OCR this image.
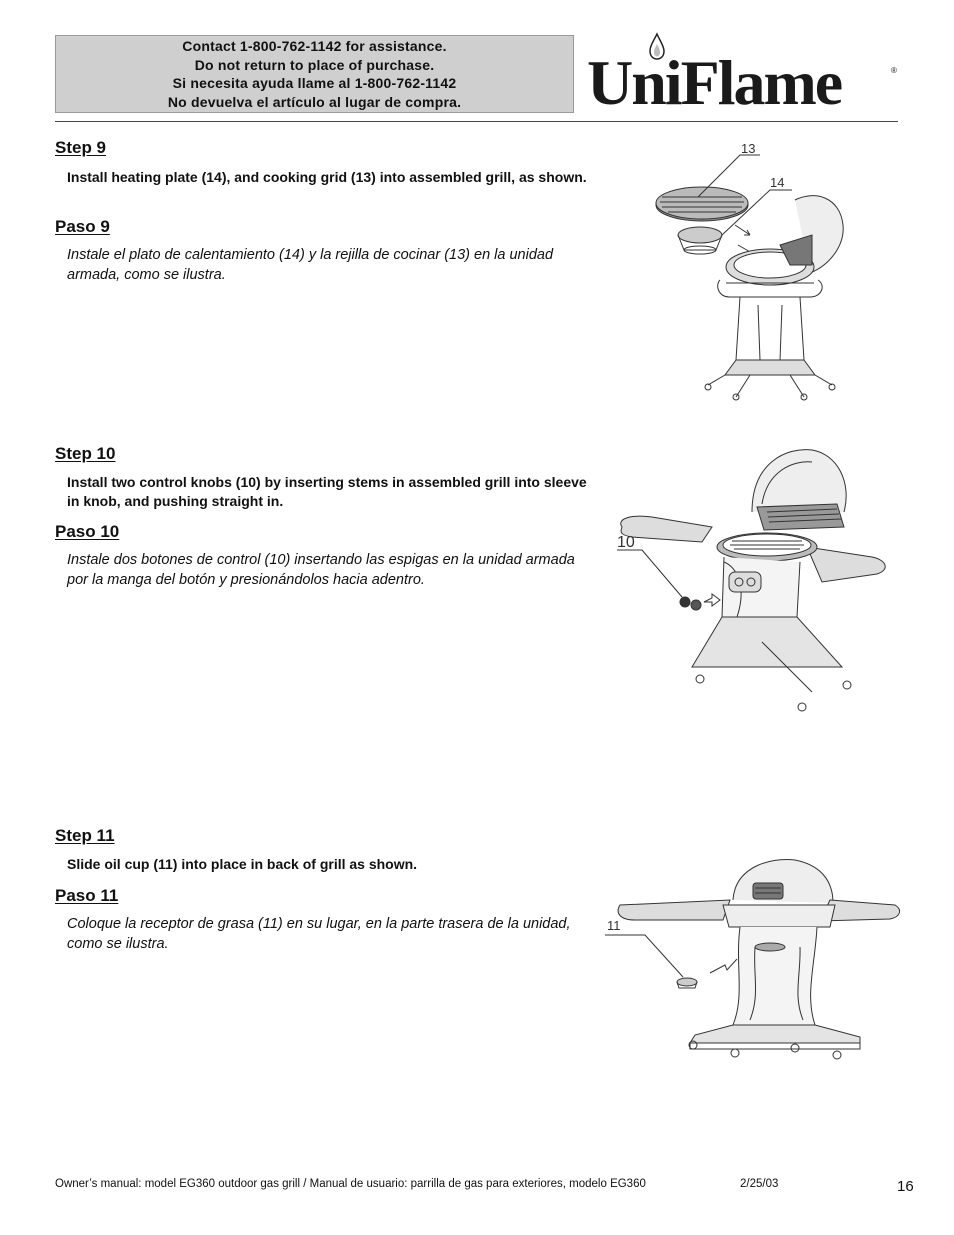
Contact 1-800-762-1142 for assistance.
Do not return to place of purchase.
Si necesita ayuda llame al 1-800-762-1142
No devuelva el artículo al lugar de compra. UniFlame	®
Step 9
Install heating plate (14), and cooking grid (13) into assembled grill, as shown.
Paso 9
Instale el plato de calentamiento (14) y la rejilla de cocinar (13) en la unidad armada, como se ilustra.
13
14
Step 10
Install two control knobs (10) by inserting stems in assembled grill into sleeve in knob, and pushing straight in.
Paso 10
Instale dos botones de control (10) insertando las espigas en la unidad armada por la manga del botón y presionándolos hacia adentro.
10
Step 11
Slide oil cup (11) into place in back of grill as shown.
Paso 11
Coloque la receptor de grasa (11) en su lugar, en la parte trasera de la unidad, como se ilustra.
11
Owner’s manual: model EG360 outdoor gas grill / Manual de usuario: parrilla de gas para exteriores, modelo EG360	2/25/03	16
